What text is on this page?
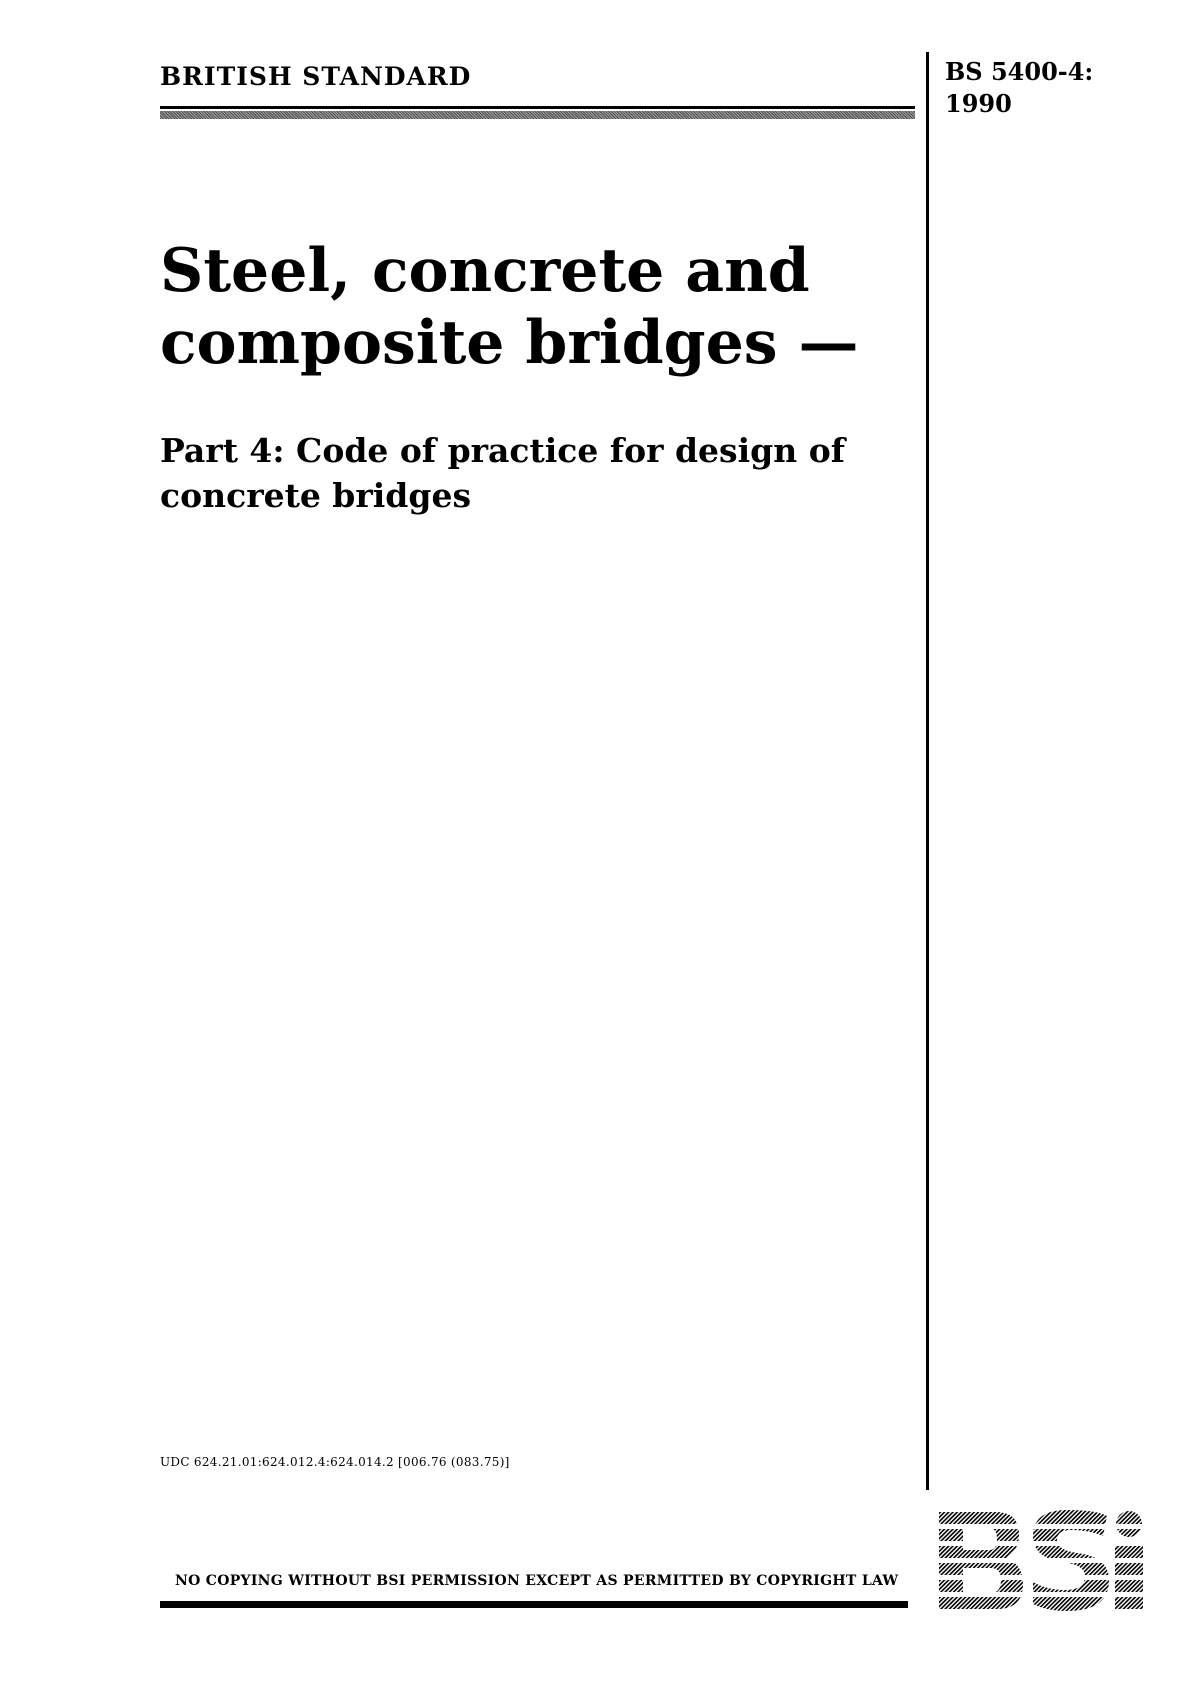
BRITISH STANDARD	BS 5400-4:
1990
Steel, concrete and
composite bridges —
Part 4: Code of practice for design of
concrete bridges
UDC 624.21.01:624.012.4:624.014.2 [006.76 (083.75)]
NO COPYING WITHOUT BSI PERMISSION EXCEPT AS PERMITTED BY COPYRIGHT LAW
